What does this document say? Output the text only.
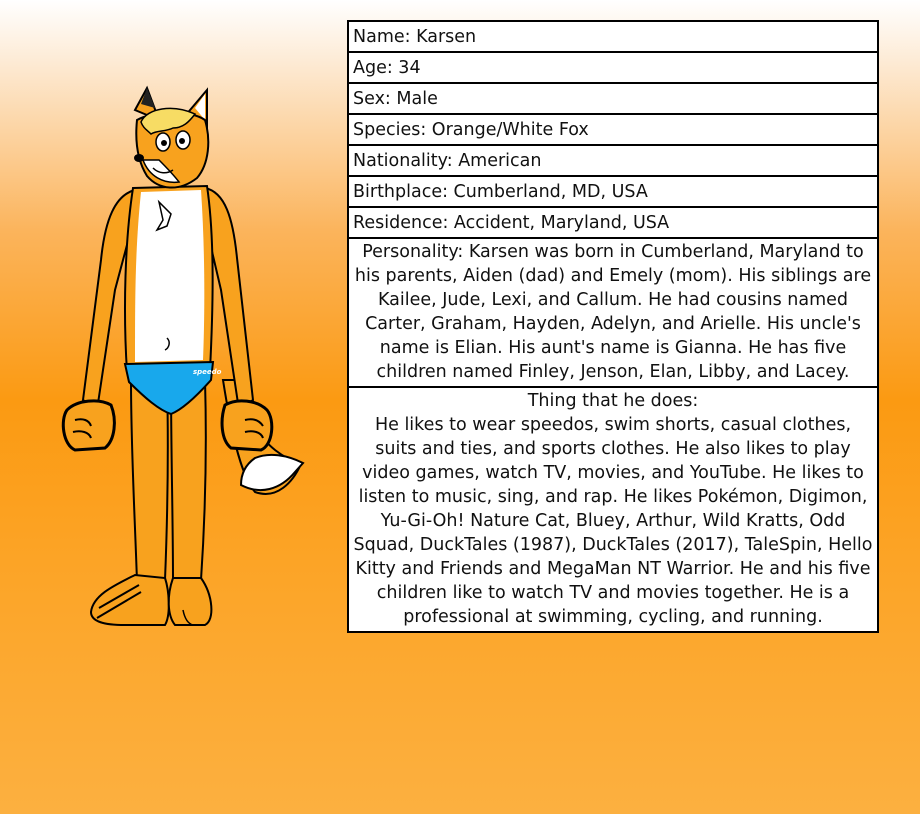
speedo
Name: Karsen
Age: 34
Sex: Male
Species: Orange/White Fox
Nationality: American
Birthplace: Cumberland, MD, USA
Residence: Accident, Maryland, USA
Personality: Karsen was born in Cumberland, Maryland to his parents, Aiden (dad) and Emely (mom). His siblings are Kailee, Jude, Lexi, and Callum. He had cousins named Carter, Graham, Hayden, Adelyn, and Arielle. His uncle's name is Elian. His aunt's name is Gianna. He has five children named Finley, Jenson, Elan, Libby, and Lacey.
Thing that he does:
He likes to wear speedos, swim shorts, casual clothes, suits and ties, and sports clothes. He also likes to play video games, watch TV, movies, and YouTube. He likes to listen to music, sing, and rap. He likes Pokémon, Digimon, Yu-Gi-Oh! Nature Cat, Bluey, Arthur, Wild Kratts, Odd Squad, DuckTales (1987), DuckTales (2017), TaleSpin, Hello Kitty and Friends and MegaMan NT Warrior. He and his five children like to watch TV and movies together. He is a professional at swimming, cycling, and running.
